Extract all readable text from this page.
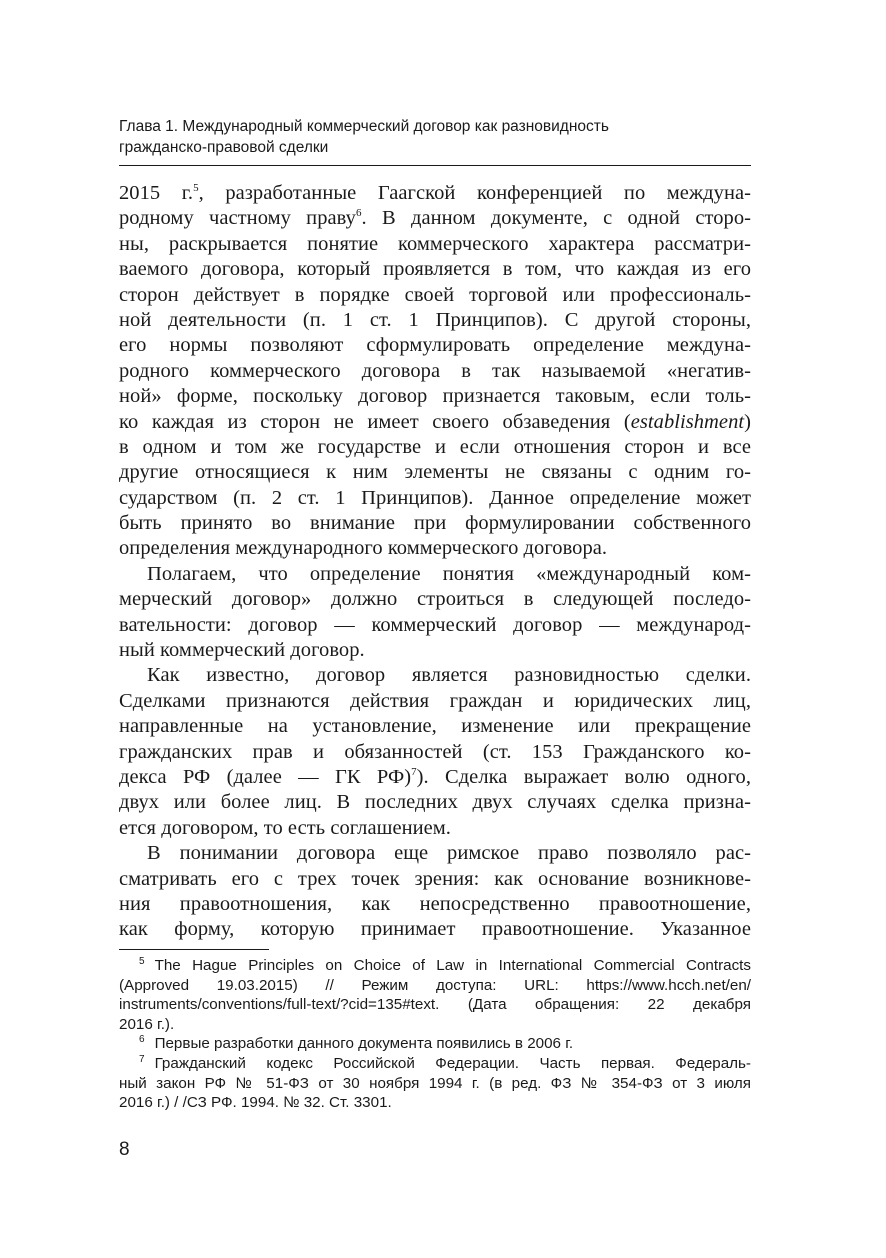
Глава 1. Международный коммерческий договор как разновидность
гражданско-правовой сделки
2015 г.$^5$, разработанные Гаагской конференцией по междуна-
родному частному праву$^6$. В данном документе, с одной сторо-
ны, раскрывается понятие коммерческого характера рассматри-
ваемого договора, который проявляется в том, что каждая из его
сторон действует в порядке своей торговой или профессиональ-
ной деятельности (п. 1 ст. 1 Принципов). С другой стороны,
его нормы позволяют сформулировать определение междуна-
родного коммерческого договора в так называемой «негатив-
ной» форме, поскольку договор признается таковым, если толь-
ко каждая из сторон не имеет своего обзаведения (establishment)
в одном и том же государстве и если отношения сторон и все
другие относящиеся к ним элементы не связаны с одним го-
сударством (п. 2 ст. 1 Принципов). Данное определение может
быть принято во внимание при формулировании собственного
определения международного коммерческого договора.
Полагаем, что определение понятия «международный ком-
мерческий договор» должно строиться в следующей последо-
вательности: договор — коммерческий договор — международ-
ный коммерческий договор.
Как известно, договор является разновидностью сделки.
Сделками признаются действия граждан и юридических лиц,
направленные на установление, изменение или прекращение
гражданских прав и обязанностей (ст. 153 Гражданского ко-
декса РФ (далее — ГК РФ)$^7$). Сделка выражает волю одного,
двух или более лиц. В последних двух случаях сделка призна-
ется договором, то есть соглашением.
В понимании договора еще римское право позволяло рас-
сматривать его с трех точек зрения: как основание возникнове-
ния правоотношения, как непосредственно правоотношение,
как форму, которую принимает правоотношение. Указанное
5 The Hague Principles on Choice of Law in International Commercial Contracts
(Approved 19.03.2015) // Режим доступа: URL: https://www.hcch.net/en/
instruments/conventions/full-text/?cid=135#text. (Дата обращения: 22 декабря
2016 г.).
6 Первые разработки данного документа появились в 2006 г.
7 Гражданский кодекс Российской Федерации. Часть первая. Федераль-
ный закон РФ № 51-ФЗ от 30 ноября 1994 г. (в ред. ФЗ № 354-ФЗ от 3 июля
2016 г.) / /СЗ РФ. 1994. № 32. Ст. 3301.
8
